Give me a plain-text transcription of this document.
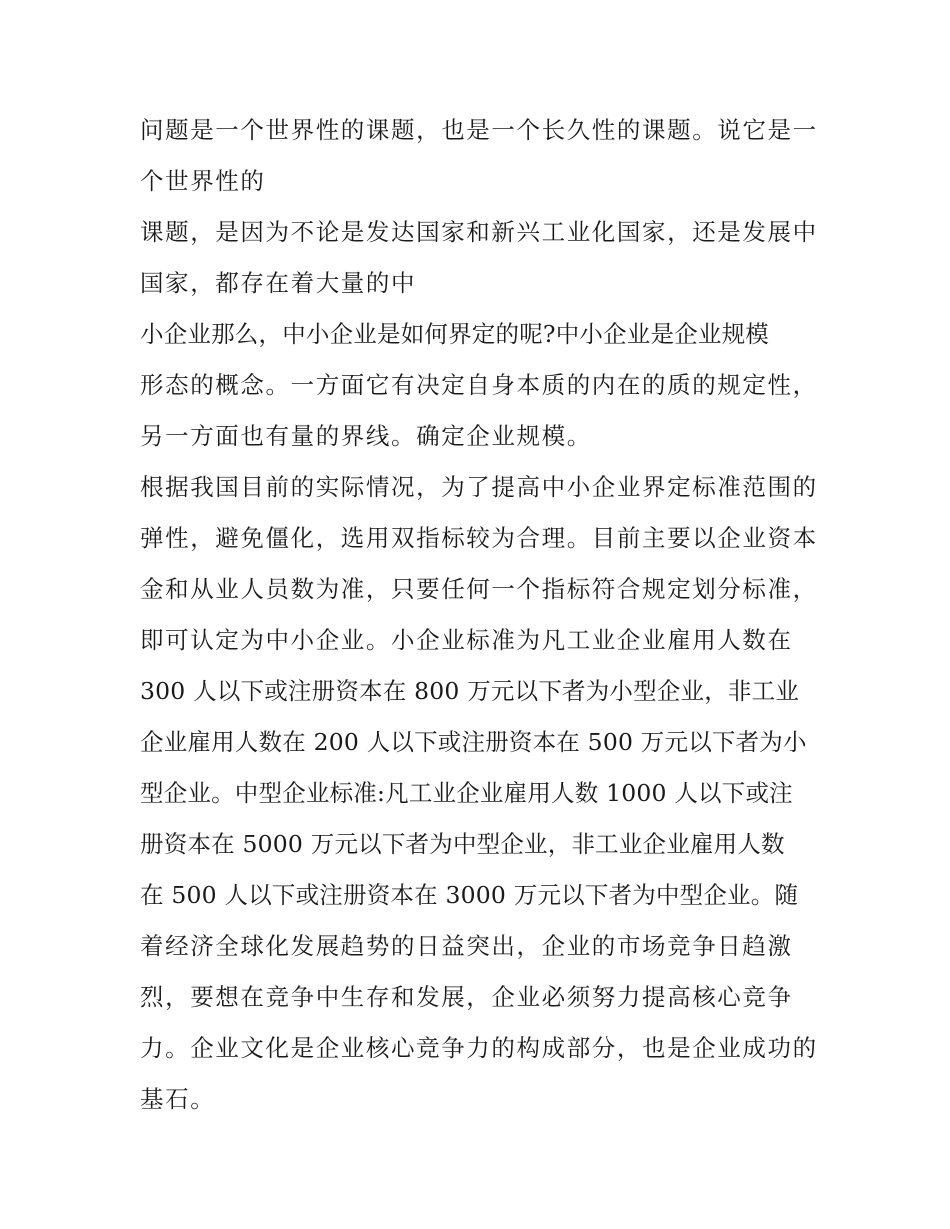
问题是一个世界性的课题，也是一个长久性的课题。说它是一
个世界性的
课题，是因为不论是发达国家和新兴工业化国家，还是发展中
国家，都存在着大量的中
小企业那么，中小企业是如何界定的呢?中小企业是企业规模
形态的概念。一方面它有决定自身本质的内在的质的规定性，
另一方面也有量的界线。确定企业规模。
根据我国目前的实际情况，为了提高中小企业界定标准范围的
弹性，避免僵化，选用双指标较为合理。目前主要以企业资本
金和从业人员数为准，只要任何一个指标符合规定划分标准，
即可认定为中小企业。小企业标准为凡工业企业雇用人数在
300 人以下或注册资本在 800 万元以下者为小型企业，非工业
企业雇用人数在 200 人以下或注册资本在 500 万元以下者为小
型企业。中型企业标准:凡工业企业雇用人数 1000 人以下或注
册资本在 5000 万元以下者为中型企业，非工业企业雇用人数
在 500 人以下或注册资本在 3000 万元以下者为中型企业。随
着经济全球化发展趋势的日益突出，企业的市场竞争日趋激
烈，要想在竞争中生存和发展，企业必须努力提高核心竞争
力。企业文化是企业核心竞争力的构成部分，也是企业成功的
基石。
